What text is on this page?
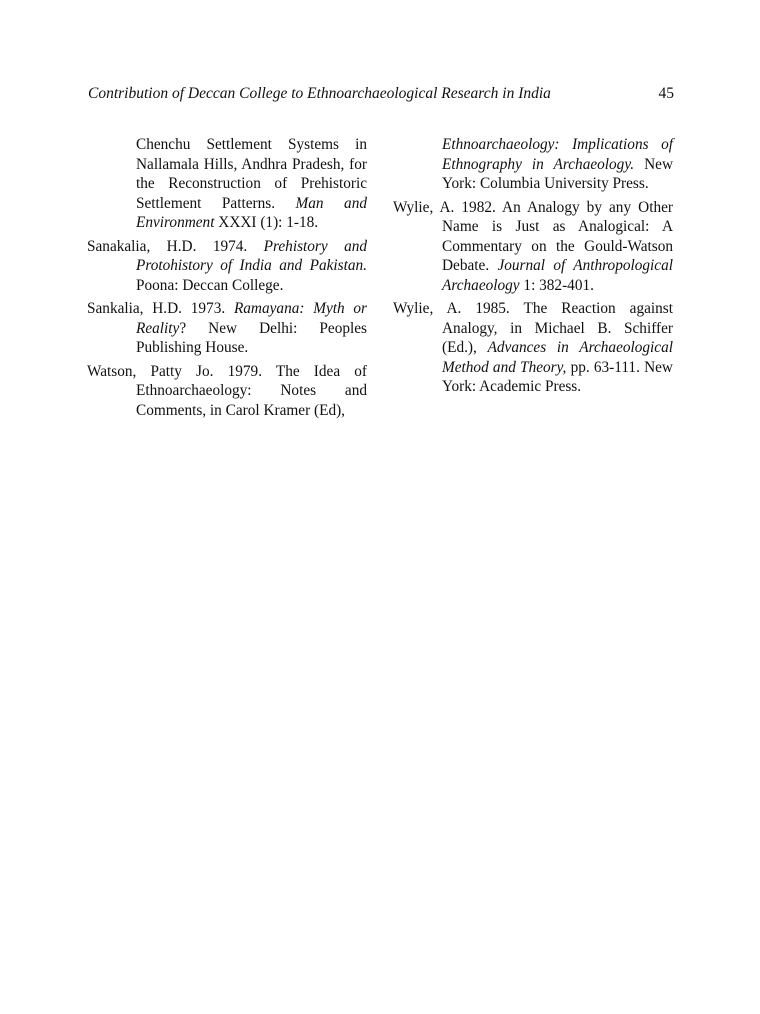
Contribution of Deccan College to Ethnoarchaeological Research in India	45

Chenchu Settlement Systems in Nallamala Hills, Andhra Pradesh, for the Reconstruction of Prehistoric Settlement Patterns. Man and Environment XXXI (1): 1-18.

Sanakalia, H.D. 1974. Prehistory and Protohistory of India and Pakistan. Poona: Deccan College.

Sankalia, H.D. 1973. Ramayana: Myth or Reality? New Delhi: Peoples Publishing House.

Watson, Patty Jo. 1979. The Idea of Ethnoarchaeology: Notes and Comments, in Carol Kramer (Ed),

Ethnoarchaeology: Implications of Ethnography in Archaeology. New York: Columbia University Press.

Wylie, A. 1982. An Analogy by any Other Name is Just as Analogical: A Commentary on the Gould-Watson Debate. Journal of Anthropological Archaeology 1: 382-401.

Wylie, A. 1985. The Reaction against Analogy, in Michael B. Schiffer (Ed.), Advances in Archaeological Method and Theory, pp. 63-111. New York: Academic Press.
